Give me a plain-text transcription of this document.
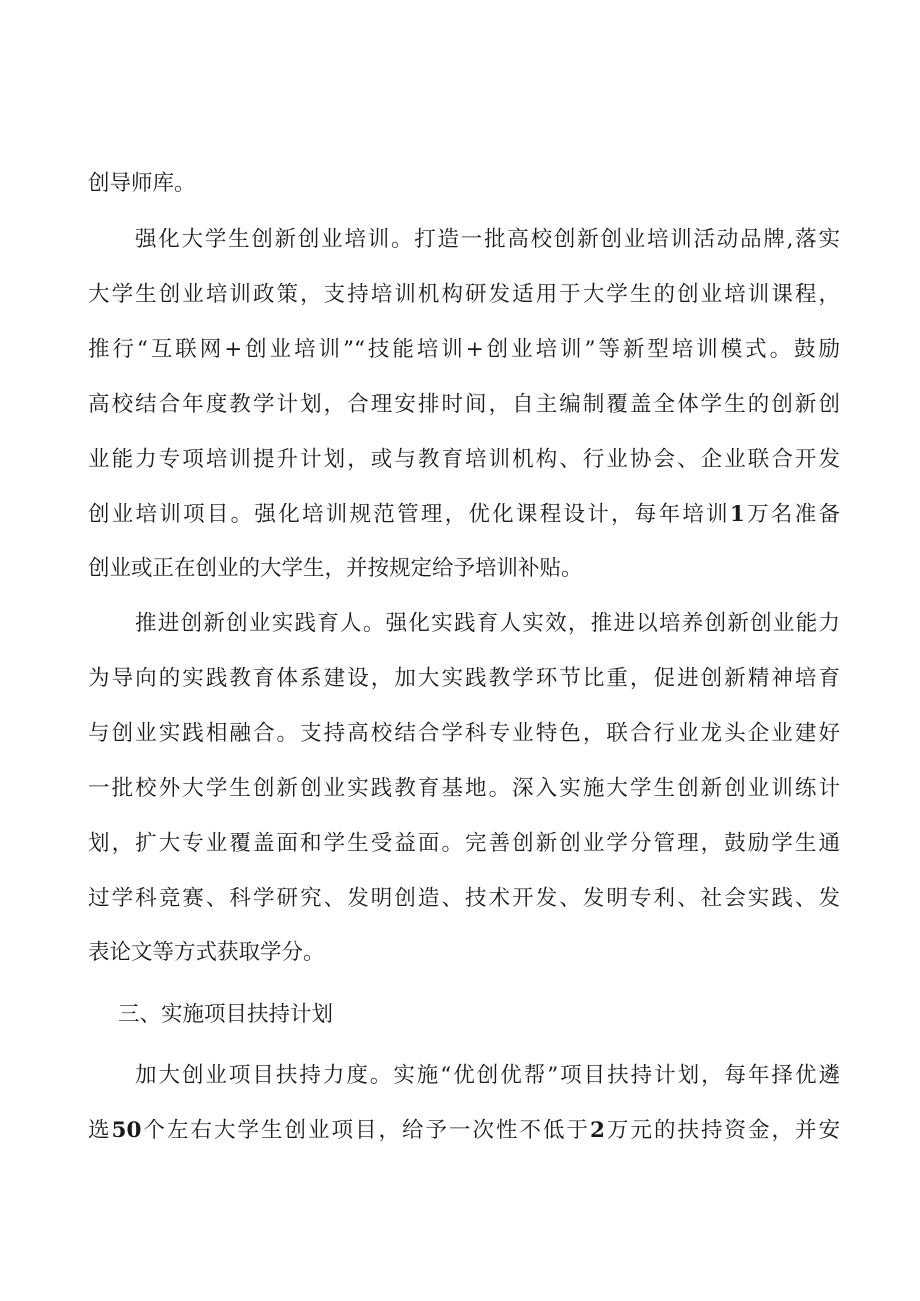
创导师库。
强化大学生创新创业培训。打造一批高校创新创业培训活动品牌,落实
大学生创业培训政策，支持培训机构研发适用于大学生的创业培训课程，
推行“互联网+创业培训”“技能培训+创业培训”等新型培训模式。鼓励
高校结合年度教学计划，合理安排时间，自主编制覆盖全体学生的创新创
业能力专项培训提升计划，或与教育培训机构、行业协会、企业联合开发
创业培训项目。强化培训规范管理，优化课程设计，每年培训1万名准备
创业或正在创业的大学生，并按规定给予培训补贴。
推进创新创业实践育人。强化实践育人实效，推进以培养创新创业能力
为导向的实践教育体系建设，加大实践教学环节比重，促进创新精神培育
与创业实践相融合。支持高校结合学科专业特色，联合行业龙头企业建好
一批校外大学生创新创业实践教育基地。深入实施大学生创新创业训练计
划，扩大专业覆盖面和学生受益面。完善创新创业学分管理，鼓励学生通
过学科竞赛、科学研究、发明创造、技术开发、发明专利、社会实践、发
表论文等方式获取学分。
三、实施项目扶持计划
加大创业项目扶持力度。实施“优创优帮”项目扶持计划，每年择优遴
选50个左右大学生创业项目，给予一次性不低于2万元的扶持资金，并安
